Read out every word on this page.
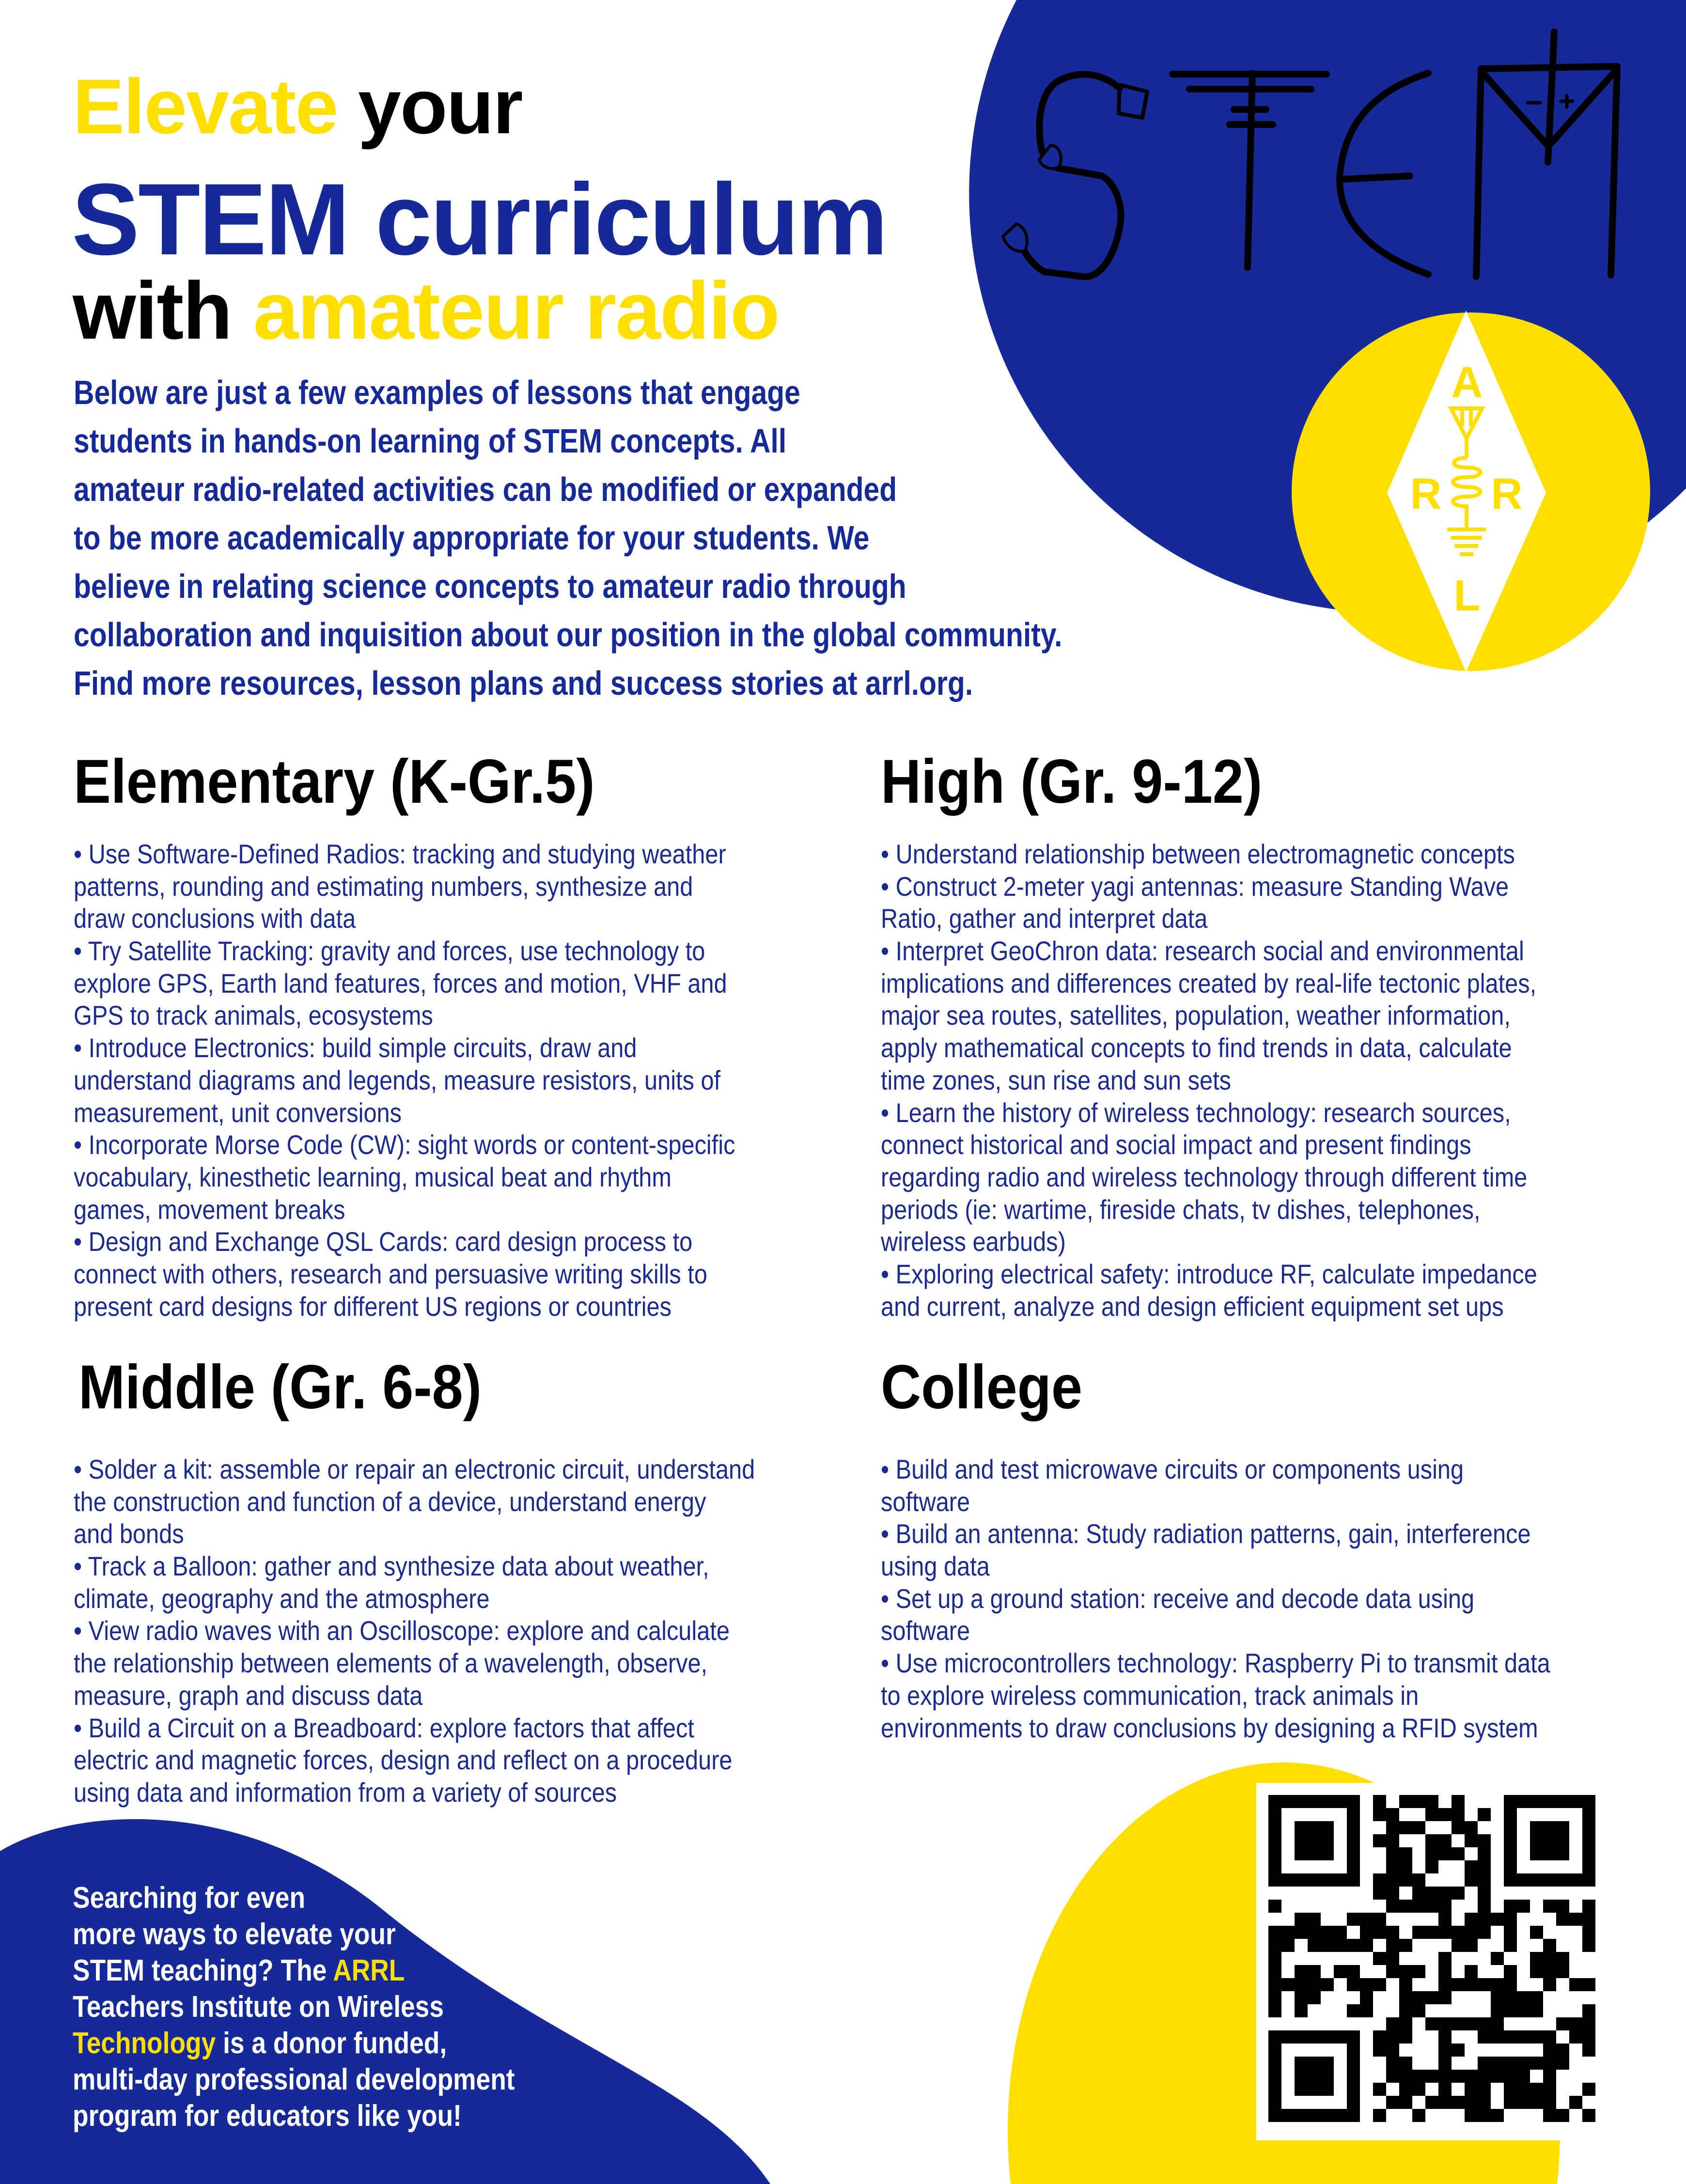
A
R R
L
Elevate your
STEM curriculum
with amateur radio
Below are just a few examples of lessons that engage
students in hands-on learning of STEM concepts. All
amateur radio-related activities can be modified or expanded
to be more academically appropriate for your students. We
believe in relating science concepts to amateur radio through
collaboration and inquisition about our position in the global community.
Find more resources, lesson plans and success stories at arrl.org.
Elementary (K-Gr.5)
• Use Software-Defined Radios: tracking and studying weather
patterns, rounding and estimating numbers, synthesize and
draw conclusions with data
• Try Satellite Tracking: gravity and forces, use technology to
explore GPS, Earth land features, forces and motion, VHF and
GPS to track animals, ecosystems
• Introduce Electronics: build simple circuits, draw and
understand diagrams and legends, measure resistors, units of
measurement, unit conversions
• Incorporate Morse Code (CW): sight words or content-specific
vocabulary, kinesthetic learning, musical beat and rhythm
games, movement breaks
• Design and Exchange QSL Cards: card design process to
connect with others, research and persuasive writing skills to
present card designs for different US regions or countries
Middle (Gr. 6-8)
• Solder a kit: assemble or repair an electronic circuit, understand
the construction and function of a device, understand energy
and bonds
• Track a Balloon: gather and synthesize data about weather,
climate, geography and the atmosphere
• View radio waves with an Oscilloscope: explore and calculate
the relationship between elements of a wavelength, observe,
measure, graph and discuss data
• Build a Circuit on a Breadboard: explore factors that affect
electric and magnetic forces, design and reflect on a procedure
using data and information from a variety of sources
High (Gr. 9-12)
• Understand relationship between electromagnetic concepts
• Construct 2-meter yagi antennas: measure Standing Wave
Ratio, gather and interpret data
• Interpret GeoChron data: research social and environmental
implications and differences created by real-life tectonic plates,
major sea routes, satellites, population, weather information,
apply mathematical concepts to find trends in data, calculate
time zones, sun rise and sun sets
• Learn the history of wireless technology: research sources,
connect historical and social impact and present findings
regarding radio and wireless technology through different time
periods (ie: wartime, fireside chats, tv dishes, telephones,
wireless earbuds)
• Exploring electrical safety: introduce RF, calculate impedance
and current, analyze and design efficient equipment set ups
College
• Build and test microwave circuits or components using
software
• Build an antenna: Study radiation patterns, gain, interference
using data
• Set up a ground station: receive and decode data using
software
• Use microcontrollers technology: Raspberry Pi to transmit data
to explore wireless communication, track animals in
environments to draw conclusions by designing a RFID system
Searching for even
more ways to elevate your
STEM teaching? The ARRL
Teachers Institute on Wireless
Technology is a donor funded,
multi-day professional development
program for educators like you!
